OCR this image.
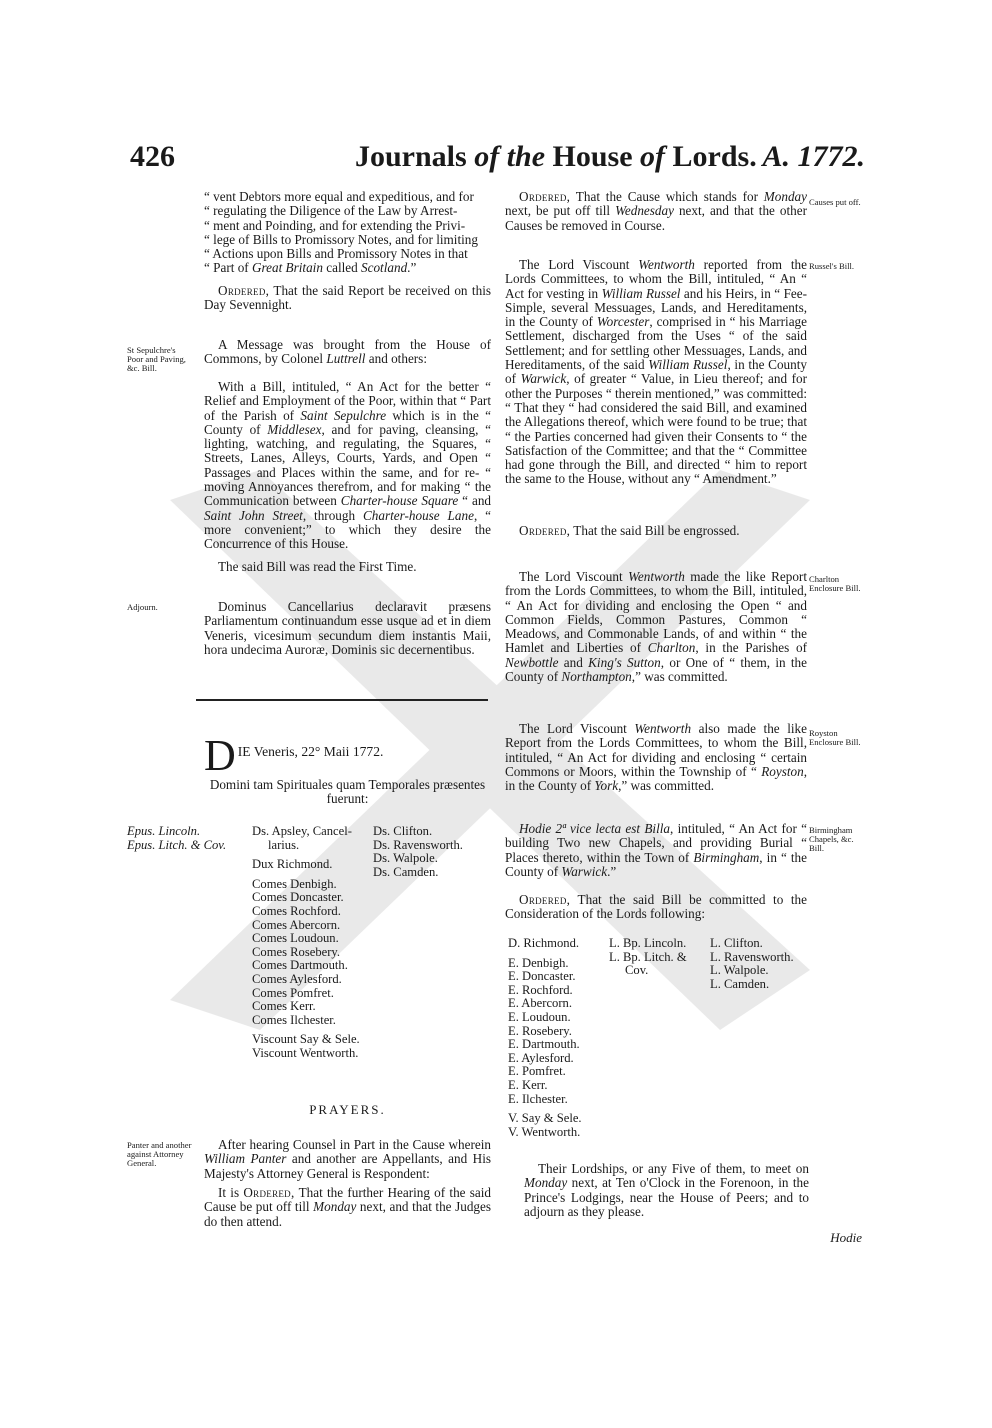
426	Journals of the House of Lords. A. 1772.

“ vent Debtors more equal and expeditious, and for

“ regulating the Diligence of the Law by Arrest-

“ ment and Poinding, and for extending the Privi-

“ lege of Bills to Promissory Notes, and for limiting

“ Actions upon Bills and Promissory Notes in that

“ Part of Great Britain called Scotland.”

Ordered, That the said Report be received on this Day Sevennight.

St Sepulchre's Poor and Paving, &c. Bill.

A Message was brought from the House of Commons, by Colonel Luttrell and others:

With a Bill, intituled, “ An Act for the better “ Relief and Employment of the Poor, within that “ Part of the Parish of Saint Sepulchre which is in the “ County of Middlesex, and for paving, cleansing, “ lighting, watching, and regulating, the Squares, “ Streets, Lanes, Alleys, Courts, Yards, and Open “ Passages and Places within the same, and for re- “ moving Annoyances therefrom, and for making “ the Communication between Charter-house Square “ and Saint John Street, through Charter-house Lane, “ more convenient;” to which they desire the Concurrence of this House.

The said Bill was read the First Time.

Adjourn.	Dominus Cancellarius declaravit præsens Parliamentum continuandum esse usque ad et in diem Veneris, vicesimum secundum diem instantis Maii, hora undecima Auroræ, Dominis sic decernentibus.

D IE Veneris, 22° Maii 1772.

Domini tam Spirituales quam Temporales præsentes fuerunt:

Epus. Lincoln.
Epus. Litch. & Cov.
Ds. Apsley, Cancel-
larius.
Dux Richmond.
Comes Denbigh.
Comes Doncaster.
Comes Rochford.
Comes Abercorn.
Comes Loudoun.
Comes Rosebery.
Comes Dartmouth.
Comes Aylesford.
Comes Pomfret.
Comes Kerr.
Comes Ilchester.
Viscount Say & Sele.
Viscount Wentworth.
Ds. Clifton.
Ds. Ravensworth.
Ds. Walpole.
Ds. Camden.
PRAYERS.
Panter and another against Attorney General.

After hearing Counsel in Part in the Cause wherein William Panter and another are Appellants, and His Majesty's Attorney General is Respondent:

It is Ordered, That the further Hearing of the said Cause be put off till Monday next, and that the Judges do then attend.

Causes put off.

Ordered, That the Cause which stands for Monday next, be put off till Wednesday next, and that the other Causes be removed in Course.

Russel's Bill.

The Lord Viscount Wentworth reported from the Lords Committees, to whom the Bill, intituled, “ An “ Act for vesting in William Russel and his Heirs, in “ Fee-Simple, several Messuages, Lands, and Hereditaments, in the County of Worcester, comprised in “ his Marriage Settlement, discharged from the Uses “ of the said Settlement; and for settling other Messuages, Lands, and Hereditaments, of the said William Russel, in the County of Warwick, of greater “ Value, in Lieu thereof; and for other the Purposes “ therein mentioned,” was committed: “ That they “ had considered the said Bill, and examined the Allegations thereof, which were found to be true; that “ the Parties concerned had given their Consents to “ the Satisfaction of the Committee; and that the “ Committee had gone through the Bill, and directed “ him to report the same to the House, without any “ Amendment.”

Ordered, That the said Bill be engrossed.

Charlton Enclosure Bill.

The Lord Viscount Wentworth made the like Report from the Lords Committees, to whom the Bill, intituled, “ An Act for dividing and enclosing the Open “ and Common Fields, Common Pastures, Common “ Meadows, and Commonable Lands, of and within “ the Hamlet and Liberties of Charlton, in the Parishes of Newbottle and King's Sutton, or One of “ them, in the County of Northampton,” was committed.

Royston Enclosure Bill.

The Lord Viscount Wentworth also made the like Report from the Lords Committees, to whom the Bill, intituled, “ An Act for dividing and enclosing “ certain Commons or Moors, within the Township of “ Royston, in the County of York,” was committed.

Birmingham Chapels, &c. Bill.

Hodie 2ª vice lecta est Billa, intituled, “ An Act for “ building Two new Chapels, and providing Burial “ Places thereto, within the Town of Birmingham, in “ the County of Warwick.”

Ordered, That the said Bill be committed to the Consideration of the Lords following:

D. Richmond.
E. Denbigh.
E. Doncaster.
E. Rochford.
E. Abercorn.
E. Loudoun.
E. Rosebery.
E. Dartmouth.
E. Aylesford.
E. Pomfret.
E. Kerr.
E. Ilchester.
V. Say & Sele.
V. Wentworth.
L. Bp. Lincoln.
L. Bp. Litch. &
Cov.
L. Clifton.
L. Ravensworth.
L. Walpole.
L. Camden.

Their Lordships, or any Five of them, to meet on Monday next, at Ten o'Clock in the Forenoon, in the Prince's Lodgings, near the House of Peers; and to adjourn as they please.

Hodie
